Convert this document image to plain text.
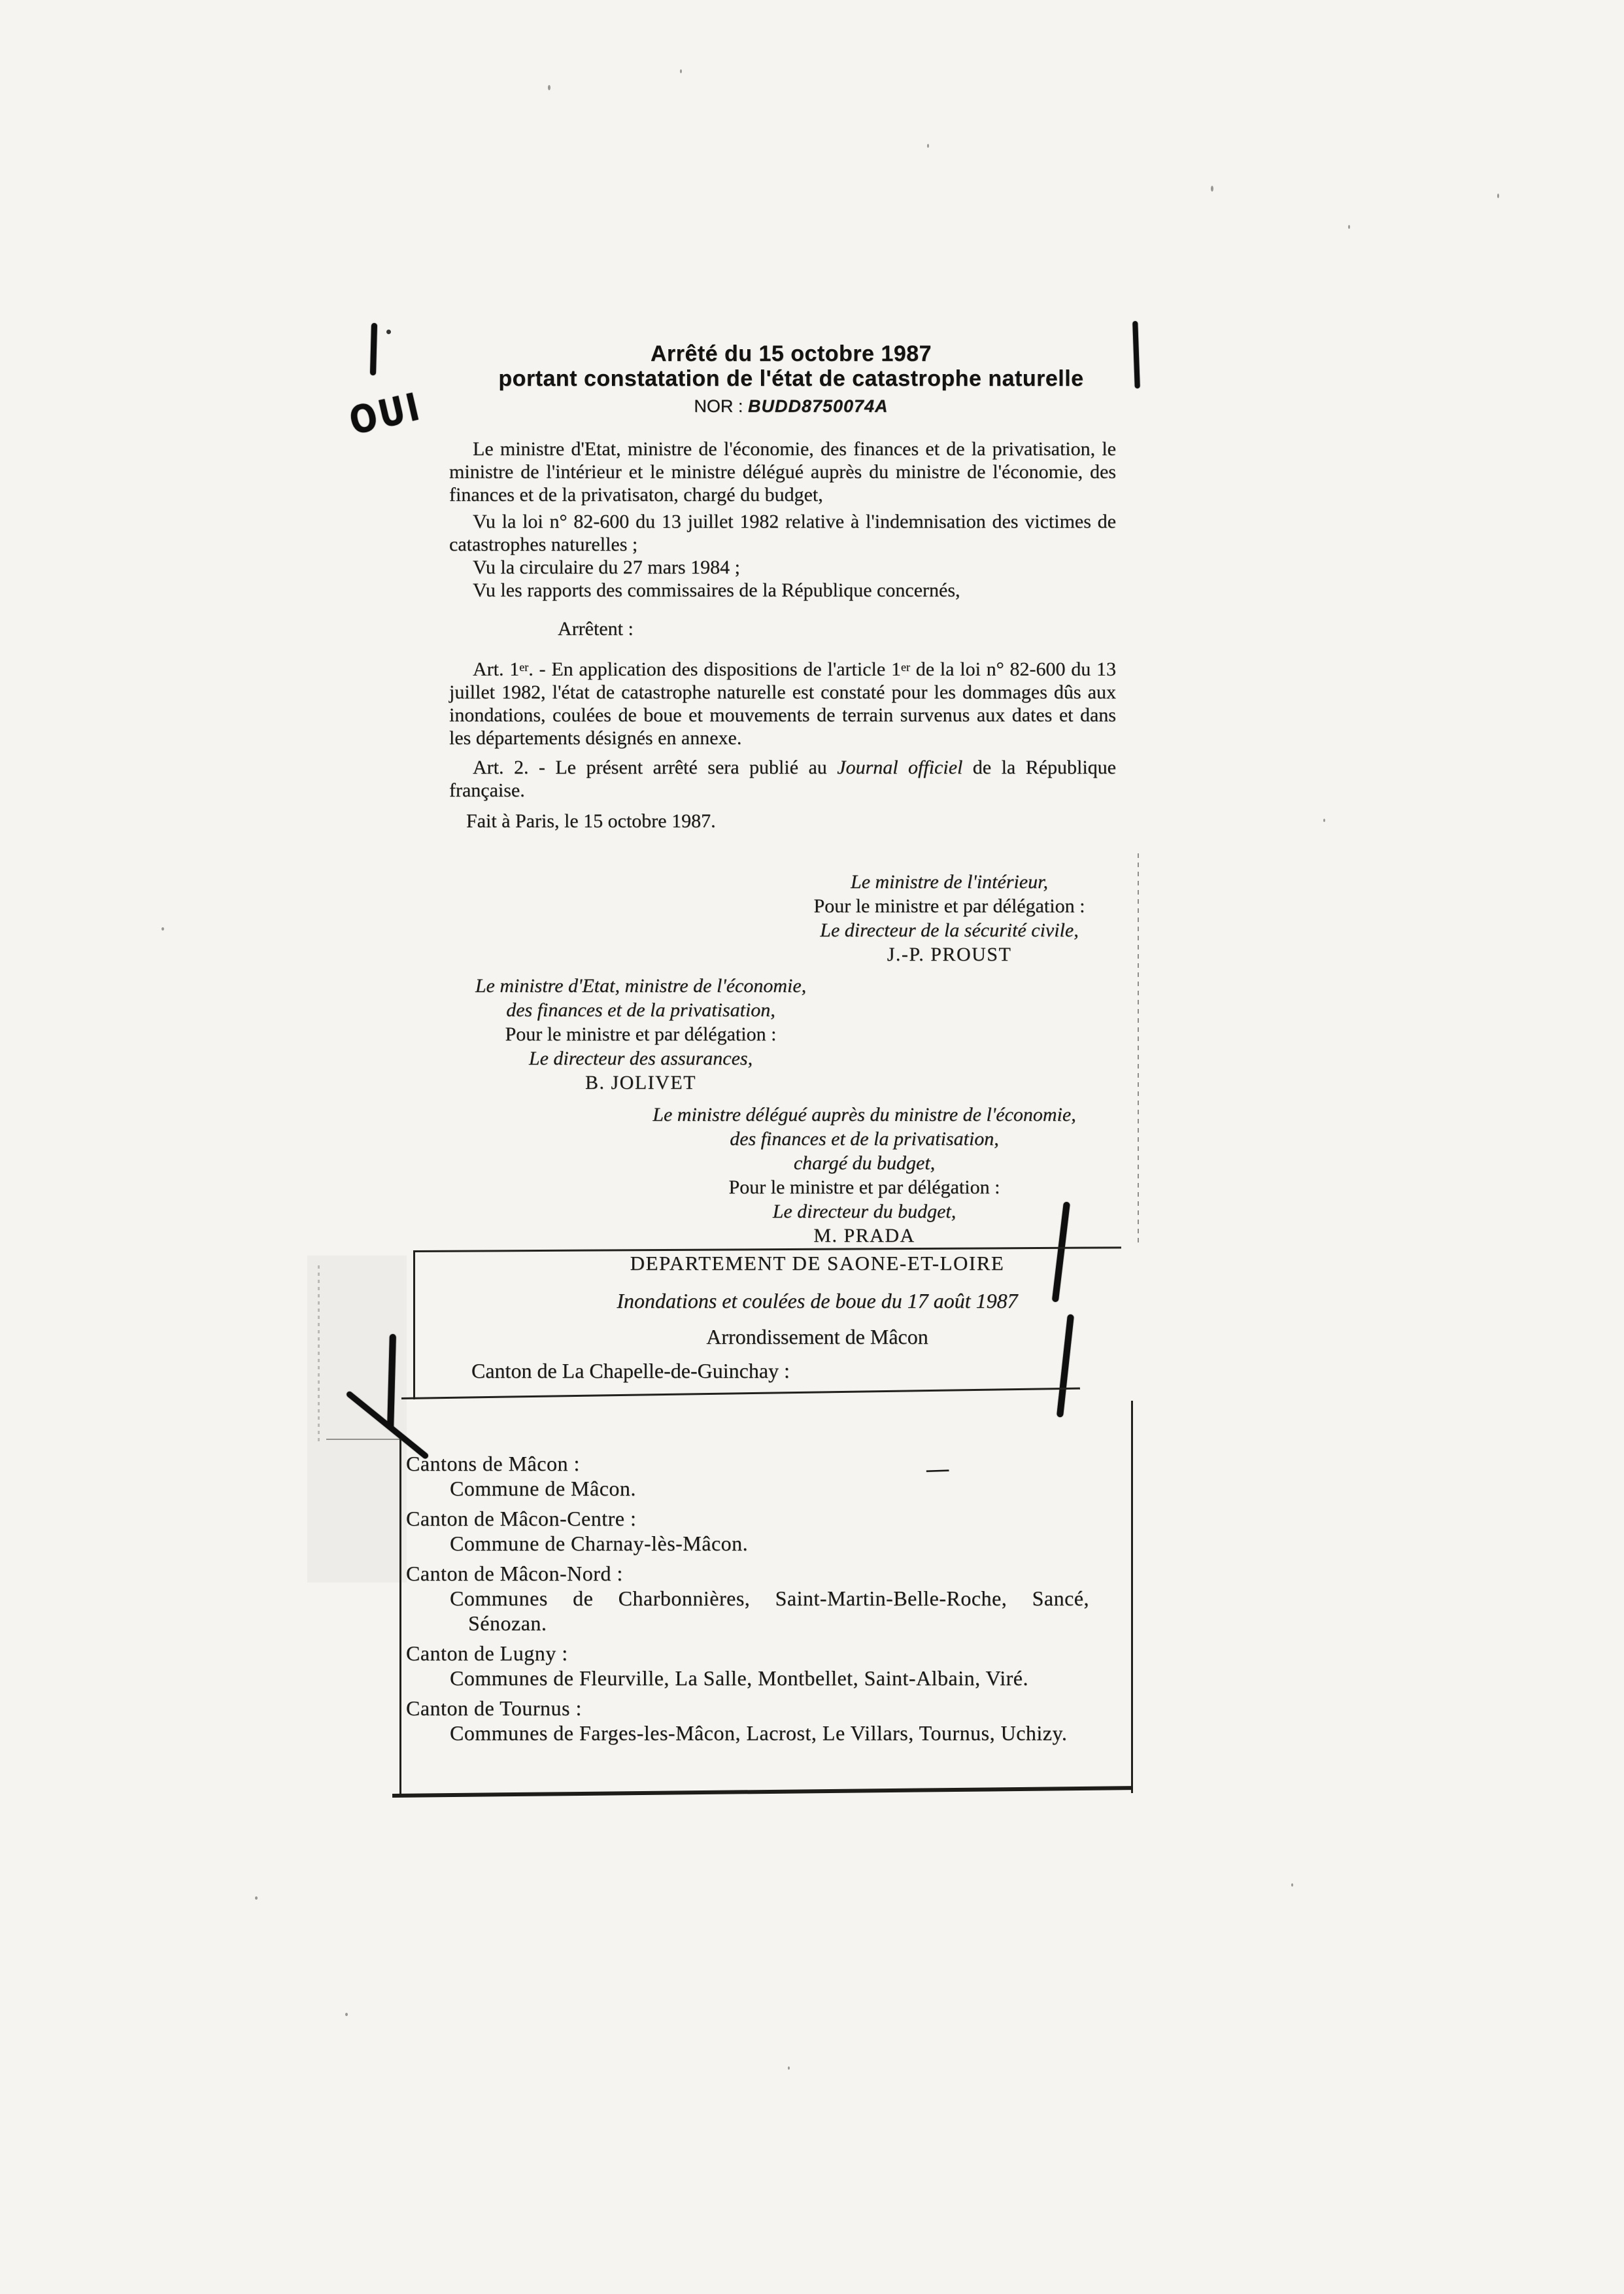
OUI
Arrêté du 15 octobre 1987
portant constatation de l'état de catastrophe naturelle
NOR : BUDD8750074A

Le ministre d'Etat, ministre de l'économie, des finances et de la privatisation, le ministre de l'intérieur et le ministre délégué auprès du ministre de l'économie, des finances et de la privatisaton, chargé du budget,

Vu la loi n° 82-600 du 13 juillet 1982 relative à l'indemnisation des victimes de catastrophes naturelles ;

Vu la circulaire du 27 mars 1984 ;

Vu les rapports des commissaires de la République concernés,

Arrêtent :

Art. 1er. - En application des dispositions de l'article 1er de la loi n° 82-600 du 13 juillet 1982, l'état de catastrophe naturelle est constaté pour les dommages dûs aux inondations, coulées de boue et mouvements de terrain survenus aux dates et dans les départements désignés en annexe.

Art. 2. - Le présent arrêté sera publié au Journal officiel de la République française.

Fait à Paris, le 15 octobre 1987.

Le ministre de l'intérieur,
Pour le ministre et par délégation :
Le directeur de la sécurité civile,
J.-P. PROUST
Le ministre d'Etat, ministre de l'économie,
des finances et de la privatisation,
Pour le ministre et par délégation :
Le directeur des assurances,
B. JOLIVET
Le ministre délégué auprès du ministre de l'économie,
des finances et de la privatisation,
chargé du budget,
Pour le ministre et par délégation :
Le directeur du budget,
M. PRADA
DEPARTEMENT DE SAONE-ET-LOIRE
Inondations et coulées de boue du 17 août 1987
Arrondissement de Mâcon
Canton de La Chapelle-de-Guinchay :
—

Cantons de Mâcon :

Commune de Mâcon.

Canton de Mâcon-Centre :

Commune de Charnay-lès-Mâcon.

Canton de Mâcon-Nord :

Communes de Charbonnières, Saint-Martin-Belle-Roche, Sancé, Sénozan.

Canton de Lugny :

Communes de Fleurville, La Salle, Montbellet, Saint-Albain, Viré.

Canton de Tournus :

Communes de Farges-les-Mâcon, Lacrost, Le Villars, Tournus, Uchizy.
